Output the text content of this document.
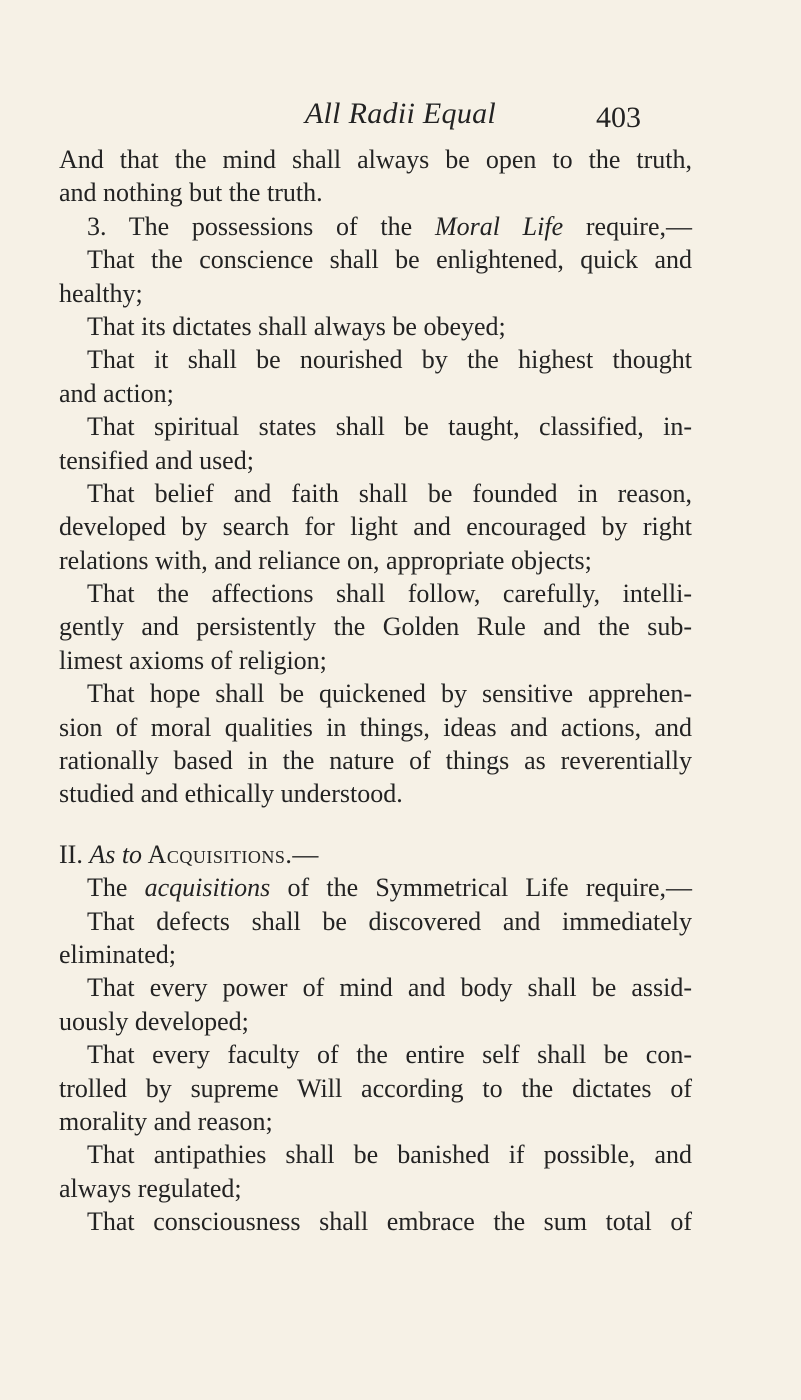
All Radii Equal	403
And that the mind shall always be open to the truth,
and nothing but the truth.
3. The possessions of the Moral Life require,—
That the conscience shall be enlightened, quick and
healthy;
That its dictates shall always be obeyed;
That it shall be nourished by the highest thought
and action;
That spiritual states shall be taught, classified, in-
tensified and used;
That belief and faith shall be founded in reason,
developed by search for light and encouraged by right
relations with, and reliance on, appropriate objects;
That the affections shall follow, carefully, intelli-
gently and persistently the Golden Rule and the sub-
limest axioms of religion;
That hope shall be quickened by sensitive apprehen-
sion of moral qualities in things, ideas and actions, and
rationally based in the nature of things as reverentially
studied and ethically understood.
II. As to Acquisitions.—
The acquisitions of the Symmetrical Life require,—
That defects shall be discovered and immediately
eliminated;
That every power of mind and body shall be assid-
uously developed;
That every faculty of the entire self shall be con-
trolled by supreme Will according to the dictates of
morality and reason;
That antipathies shall be banished if possible, and
always regulated;
That consciousness shall embrace the sum total of
